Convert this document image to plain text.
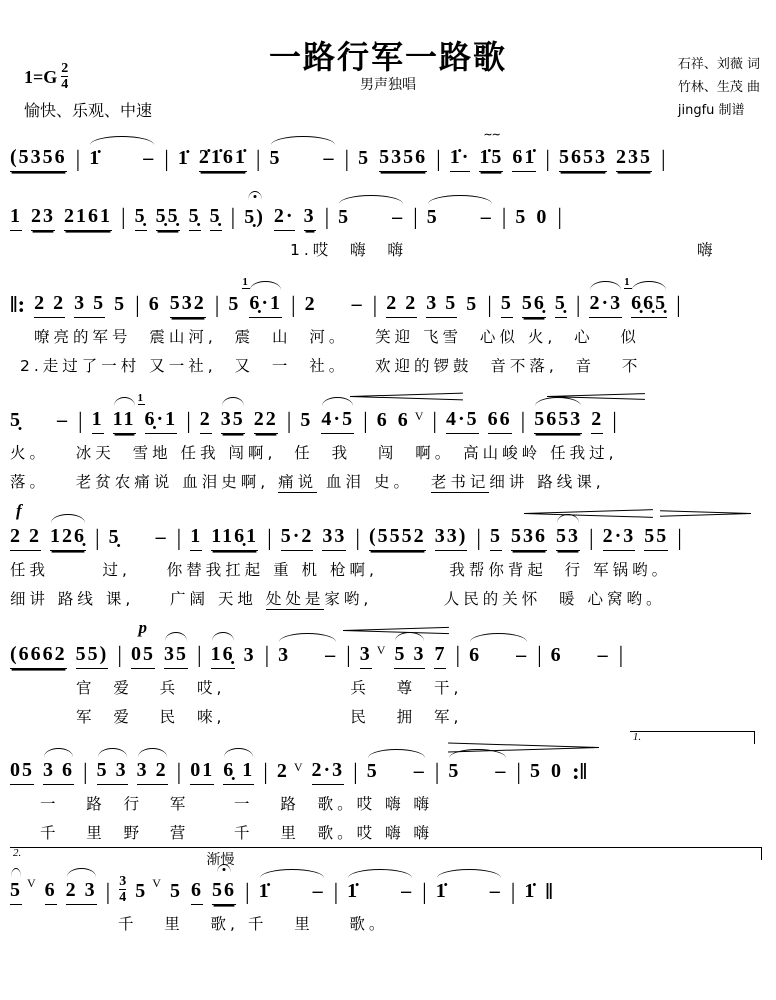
一路行军一路歌
男声独唱
$1=G \frac{2}{4}$
愉快、乐观、中速
石祥、刘薇 词
竹林、生茂 曲
jingfu 制谱
(5356 | 1̇      – | 1̇ 2̇1̇61̇ | 5      – | 5 5356 | 1̇· 1̇5
∼∼
61̇ | 5653 235 |
1 23 2161 | 5̣ 5̣5̣ 5̣ 5̣ | 5̣) 2· 3 | 5      – | 5      – | 5 0 |
1.哎  嗨  嗨	嗨
‖: 2 2 3 5 5 | 6 532 | 5 6̣·1
1
| 2     – | 2 2 3 5 5 | 5 56̣ 5̣ | 2·3 6̣6̣5̣
1
|
嘹亮的军号  震山河,  震  山  河。   笑迎 飞雪  心似 火,  心   似
2.走过了一村 又一社,  又  一  社。   欢迎的锣鼓  音不落,  音   不
5̣     – | 1 11 6̣·1
1
| 2 35 22 | 5 4·5 | 6 6 V | 4·5 66 | 5653 2 |
火。   冰天  雪地 任我 闯啊,  任  我   闯  啊。 高山峻岭 任我过,
落。   老贫农痛说 血泪史啊, 痛说 血泪 史。 老书记 细讲 路线课,
f
2 2 126̣ | 5̣     – | 1 116̣1 | 5·2 33 | (5552 33) | 5 536 53 | 2·3 55 |
任我      过,    你替我扛起 重 机 枪啊,        我帮你背起  行 军锅哟。
细讲 路线 课,    广阔 天地 处处是 家哟,        人民的关怀  暖 心窝哟。
p
(6662 55) | 05 35 | 16̣ 3 | 3     – | 3 V 5 3 7 | 6     – | 6     – |
官  爱   兵  哎,              兵   尊  干,
军  爱   民  唻,              民   拥  军,
1.
05 3 6 | 5 3 3 2 | 01 6̣ 1 | 2 V 2·3 | 5     – | 5     – | 5 0 :‖
一   路  行   军     一   路  歌。哎 嗨 嗨
千   里  野   营     千   里  歌。哎 嗨 嗨
2.	渐慢
5 V 6 2 3 | $\frac{3}{4} 5$ V 5 6 56 | 1̇      – | 1̇      – | 1̇      – | 1̇ ‖
千   里   歌, 千   里    歌。
